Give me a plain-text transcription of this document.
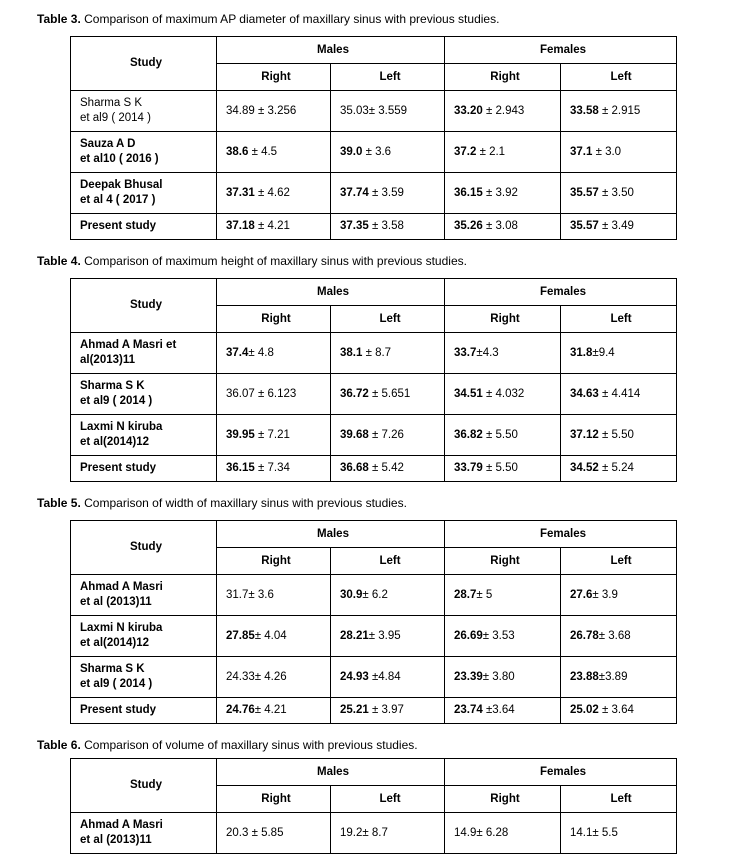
Table 3. Comparison of maximum AP diameter of maxillary sinus with previous studies.
Study	Males		Females	
	Right	Left	Right	Left

Sharma S K
et al9 ( 2014 )	34.89 ± 3.256	35.03± 3.559	33.20 ± 2.943	33.58 ± 2.915

Sauza A D
et al10 ( 2016 )	38.6 ± 4.5	39.0 ± 3.6	37.2 ± 2.1	37.1 ± 3.0

Deepak Bhusal
et al 4 ( 2017 )	37.31 ± 4.62	37.74 ± 3.59	36.15 ± 3.92	35.57 ± 3.50

Present study	37.18 ± 4.21	37.35 ± 3.58	35.26 ± 3.08	35.57 ± 3.49
Table 4. Comparison of maximum height of maxillary sinus with previous studies.
Study	Males		Females	
	Right	Left	Right	Left

Ahmad A Masri et
al(2013)11	37.4± 4.8	38.1 ± 8.7	33.7±4.3	31.8±9.4

Sharma S K
et al9 ( 2014 )	36.07 ± 6.123	36.72 ± 5.651	34.51 ± 4.032	34.63 ± 4.414

Laxmi N kiruba
et al(2014)12	39.95 ± 7.21	39.68 ± 7.26	36.82 ± 5.50	37.12 ± 5.50

Present study	36.15 ± 7.34	36.68 ± 5.42	33.79 ± 5.50	34.52 ± 5.24
Table 5. Comparison of width of maxillary sinus with previous studies.
Study	Males		Females	
	Right	Left	Right	Left

Ahmad A Masri
et al (2013)11	31.7± 3.6	30.9± 6.2	28.7± 5	27.6± 3.9

Laxmi N kiruba
et al(2014)12	27.85± 4.04	28.21± 3.95	26.69± 3.53	26.78± 3.68

Sharma S K
et al9 ( 2014 )	24.33± 4.26	24.93 ±4.84	23.39± 3.80	23.88±3.89

Present study	24.76± 4.21	25.21 ± 3.97	23.74 ±3.64	25.02 ± 3.64
Table 6. Comparison of volume of maxillary sinus with previous studies.
Study	Males		Females	
	Right	Left	Right	Left

Ahmad A Masri
et al (2013)11	20.3 ± 5.85	19.2± 8.7	14.9± 6.28	14.1± 5.5
